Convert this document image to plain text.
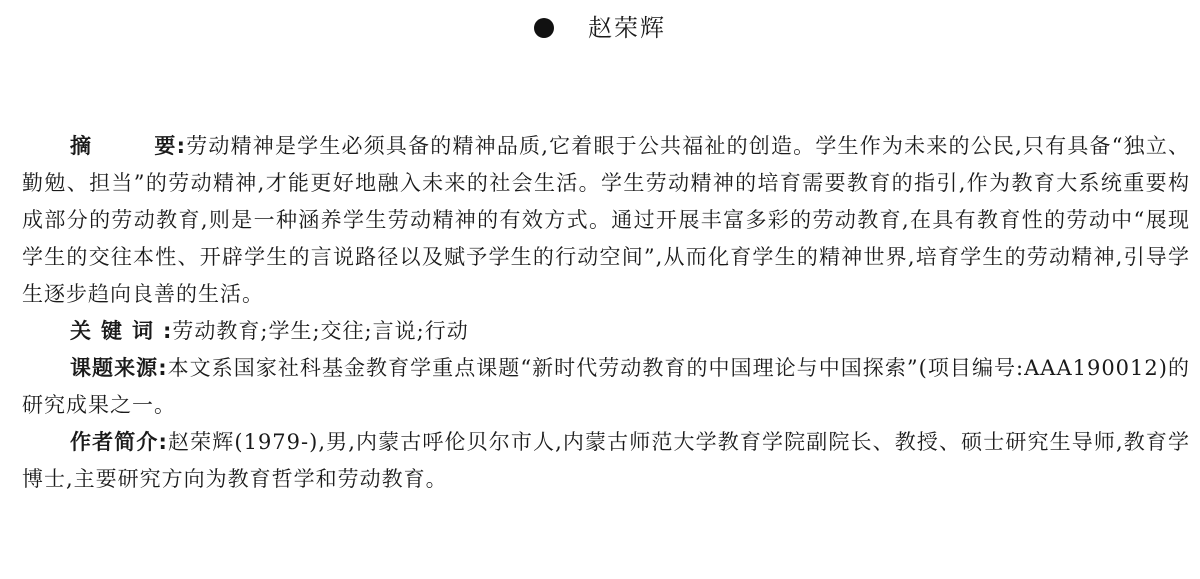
赵荣辉

摘	要:劳动精神是学生必须具备的精神品质,它着眼于公共福祉的创造。学生作为未来的公民,只有具备“独立、勤勉、担当”的劳动精神,才能更好地融入未来的社会生活。学生劳动精神的培育需要教育的指引,作为教育大系统重要构成部分的劳动教育,则是一种涵养学生劳动精神的有效方式。通过开展丰富多彩的劳动教育,在具有教育性的劳动中“展现学生的交往本性、开辟学生的言说路径以及赋予学生的行动空间”,从而化育学生的精神世界,培育学生的劳动精神,引导学生逐步趋向良善的生活。

关键词:劳动教育;学生;交往;言说;行动

课题来源:本文系国家社科基金教育学重点课题“新时代劳动教育的中国理论与中国探索”(项目编号:AAA190012)的研究成果之一。

作者简介:赵荣辉(1979-),男,内蒙古呼伦贝尔市人,内蒙古师范大学教育学院副院长、教授、硕士研究生导师,教育学博士,主要研究方向为教育哲学和劳动教育。
